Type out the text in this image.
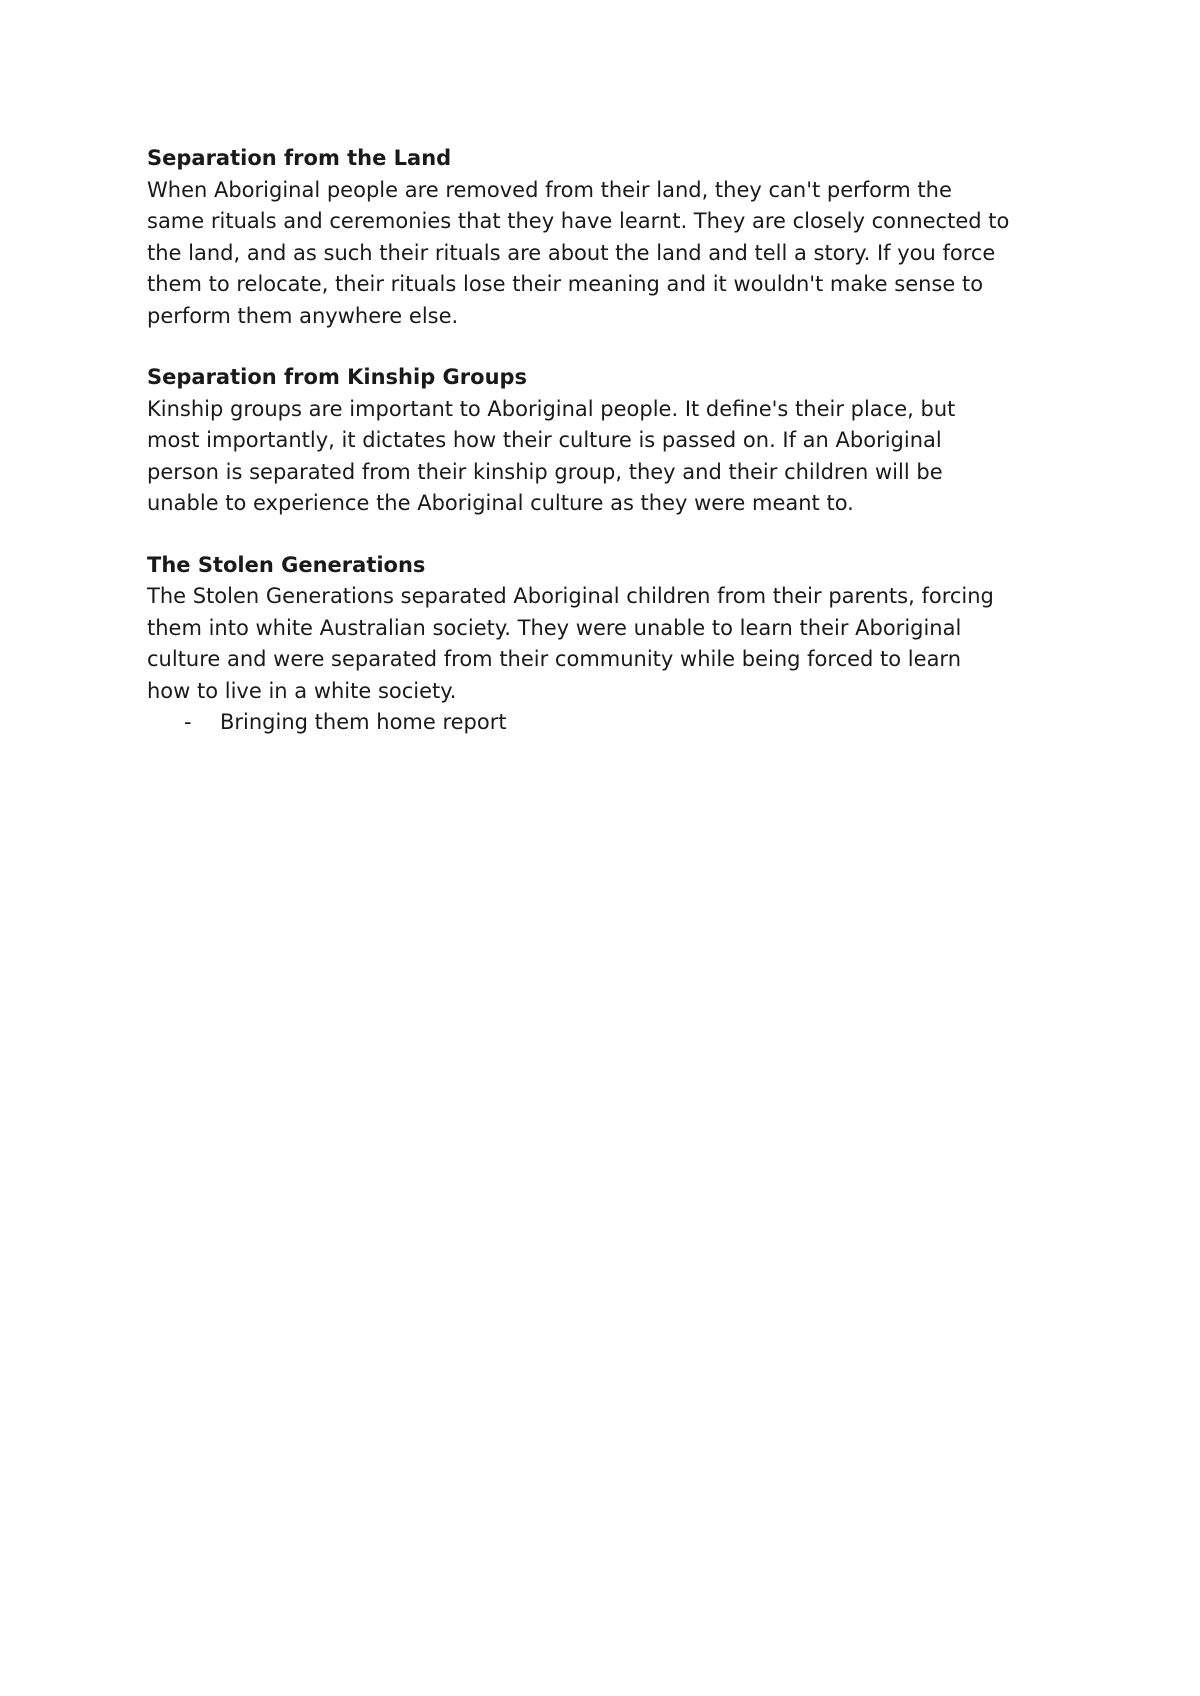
Separation from the Land

When Aboriginal people are removed from their land, they can't perform the
same rituals and ceremonies that they have learnt. They are closely connected to
the land, and as such their rituals are about the land and tell a story. If you force
them to relocate, their rituals lose their meaning and it wouldn't make sense to
perform them anywhere else.

Separation from Kinship Groups

Kinship groups are important to Aboriginal people. It define's their place, but
most importantly, it dictates how their culture is passed on. If an Aboriginal
person is separated from their kinship group, they and their children will be
unable to experience the Aboriginal culture as they were meant to.

The Stolen Generations

The Stolen Generations separated Aboriginal children from their parents, forcing
them into white Australian society. They were unable to learn their Aboriginal
culture and were separated from their community while being forced to learn
how to live in a white society.

- Bringing them home report
